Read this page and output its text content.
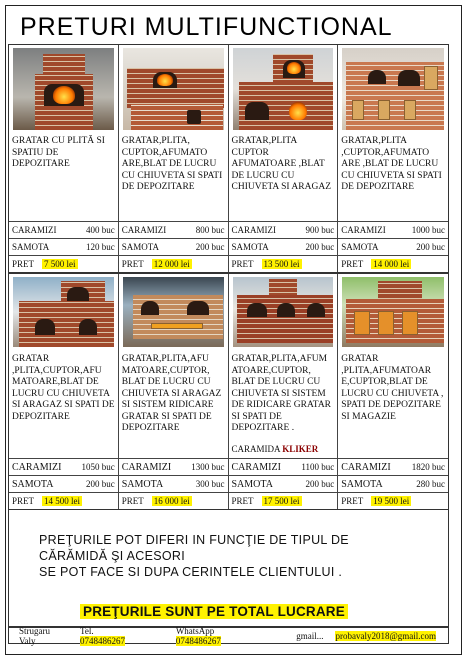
PRETURI MULTIFUNCTIONAL
GRATAR CU PLITĂ SI SPATIU DE DEPOZITARE
CARAMIZI	400 buc
SAMOTA	120 buc
PRET 7 500 lei
GRATAR,PLITA, CUPTOR,AFUMATO ARE,BLAT DE LUCRU CU CHIUVETA SI SPATI DE DEPOZITARE
CARAMIZI	800 buc
SAMOTA	200 buc
PRET 12 000 lei
GRATAR,PLITA CUPTOR AFUMATOARE ,BLAT DE LUCRU CU CHIUVETA SI ARAGAZ
CARAMIZI	900 buc
SAMOTA	200 buc
PRET 13 500 lei
GRATAR,PLITA ,CUPTOR,AFUMATO ARE ,BLAT DE LUCRU CU CHIUVETA SI SPATI DE DEPOZITARE
CARAMIZI	1000 buc
SAMOTA	200 buc
PRET 14 000 lei
GRATAR ,PLITA,CUPTOR,AFU MATOARE,BLAT DE LUCRU CU CHIUVETA SI ARAGAZ SI SPATI DE DEPOZITARE
CARAMIZI	1050 buc
SAMOTA	200 buc
PRET 14 500 lei
GRATAR,PLITA,AFU MATOARE,CUPTOR, BLAT DE LUCRU CU CHIUVETA SI ARAGAZ SI SISTEM RIDICARE GRATAR SI SPATI DE DEPOZITARE
CARAMIZI	1300 buc
SAMOTA	300 buc
PRET 16 000 lei
GRATAR,PLITA,AFUM ATOARE,CUPTOR, BLAT DE LUCRU CU CHIUVETA SI SISTEM DE RIDICARE GRATAR SI SPATI DE DEPOZITARE .
CARAMIDA KLIKER
CARAMIZI	1100 buc
SAMOTA	200 buc
PRET 17 500 lei
GRATAR ,PLITA,AFUMATOAR E,CUPTOR,BLAT DE LUCRU CU CHIUVETA , SPATI DE DEPOZITARE SI MAGAZIE
CARAMIZI	1820 buc
SAMOTA	280 buc
PRET 19 500 lei
PREŢURILE POT DIFERI IN FUNCŢIE DE TIPUL DE
CĂRĂMIDĂ ŞI ACESORI
SE POT FACE SI DUPA CERINTELE CLIENTULUI .
PREŢURILE SUNT PE TOTAL LUCRARE
Strugaru Valy
Tel. 0748486267
WhatsApp 0748486267	gmail... probavaly2018@gmail.com
